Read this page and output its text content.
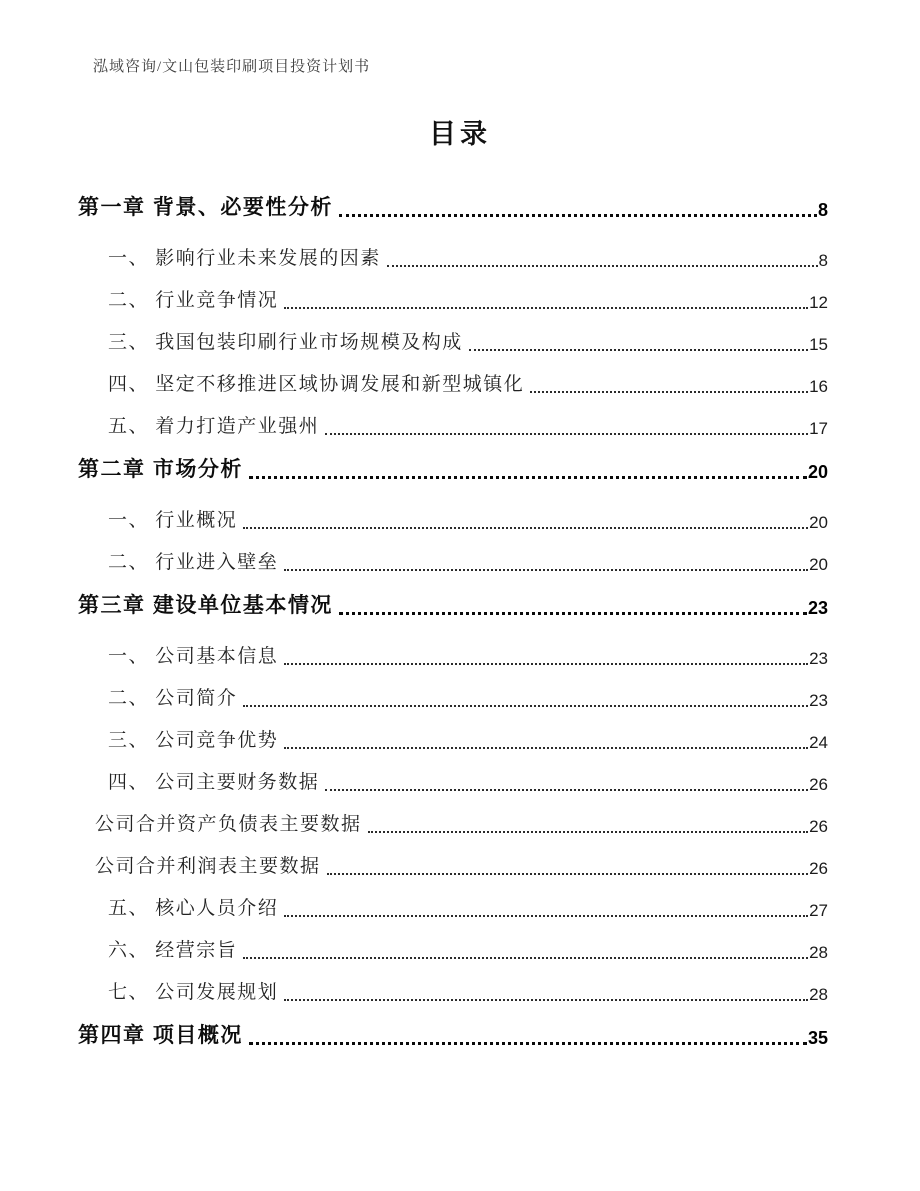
泓域咨询/文山包装印刷项目投资计划书
目录
第一章 背景、必要性分析	8
一、 影响行业未来发展的因素	8
二、 行业竞争情况	12
三、 我国包装印刷行业市场规模及构成	15
四、 坚定不移推进区域协调发展和新型城镇化	16
五、 着力打造产业强州	17
第二章 市场分析	20
一、 行业概况	20
二、 行业进入壁垒	20
第三章 建设单位基本情况	23
一、 公司基本信息	23
二、 公司简介	23
三、 公司竞争优势	24
四、 公司主要财务数据	26
公司合并资产负债表主要数据	26
公司合并利润表主要数据	26
五、 核心人员介绍	27
六、 经营宗旨	28
七、 公司发展规划	28
第四章 项目概况	35
